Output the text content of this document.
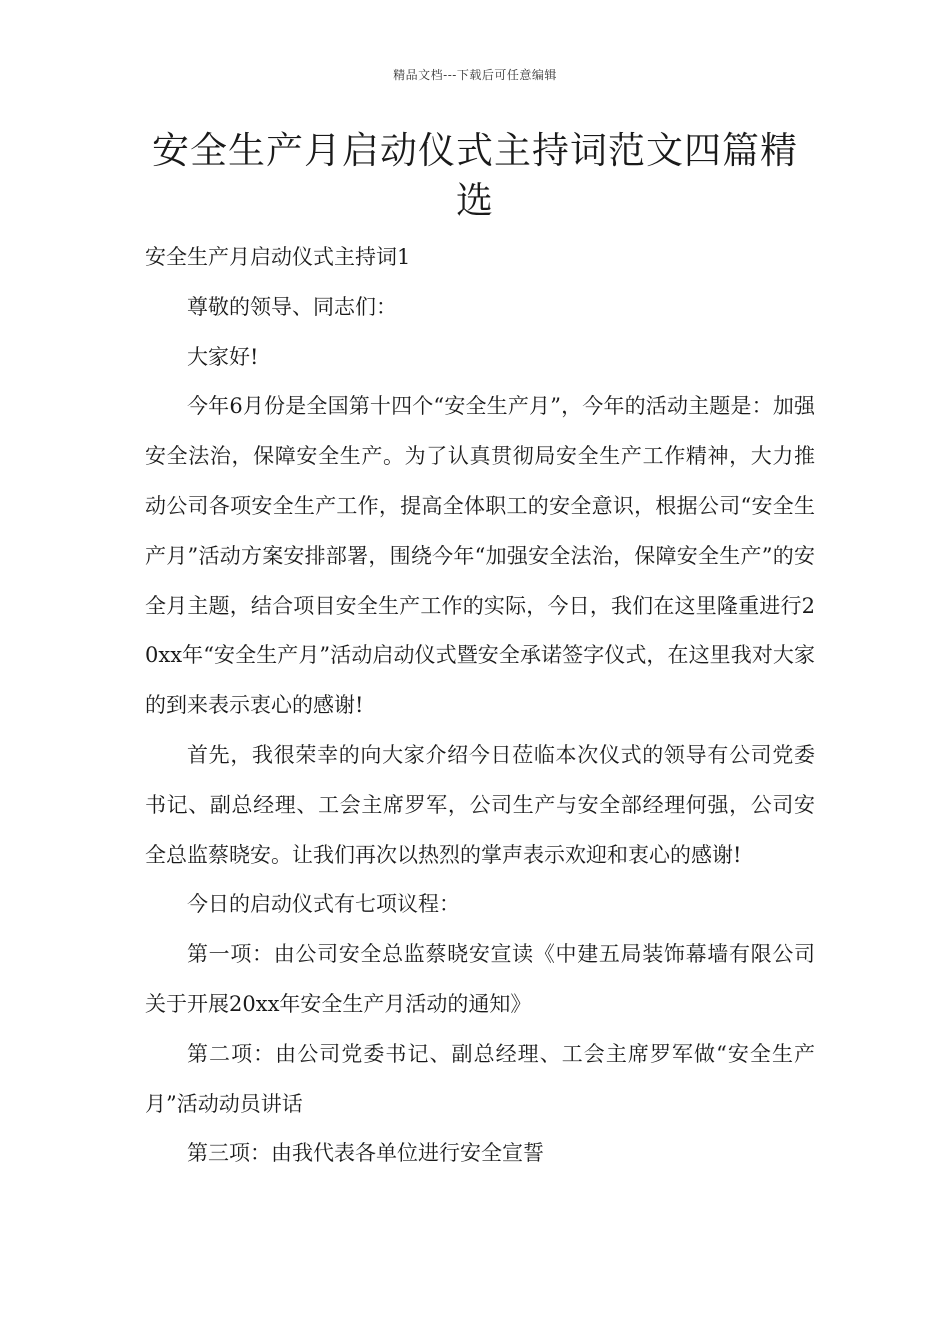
精品文档---下载后可任意编辑
安全生产月启动仪式主持词范文四篇精选

安全生产月启动仪式主持词1

尊敬的领导、同志们：

大家好!

今年6月份是全国第十四个“安全生产月”，今年的活动主题是：加强安全法治，保障安全生产。为了认真贯彻局安全生产工作精神，大力推动公司各项安全生产工作，提高全体职工的安全意识，根据公司“安全生产月”活动方案安排部署，围绕今年“加强安全法治，保障安全生产”的安全月主题，结合项目安全生产工作的实际，今日，我们在这里隆重进行20xx年“安全生产月”活动启动仪式暨安全承诺签字仪式，在这里我对大家的到来表示衷心的感谢!

首先，我很荣幸的向大家介绍今日莅临本次仪式的领导有公司党委书记、副总经理、工会主席罗军，公司生产与安全部经理何强，公司安全总监蔡晓安。让我们再次以热烈的掌声表示欢迎和衷心的感谢!

今日的启动仪式有七项议程：

第一项：由公司安全总监蔡晓安宣读《中建五局装饰幕墙有限公司关于开展20xx年安全生产月活动的通知》

第二项：由公司党委书记、副总经理、工会主席罗军做“安全生产月”活动动员讲话

第三项：由我代表各单位进行安全宣誓
